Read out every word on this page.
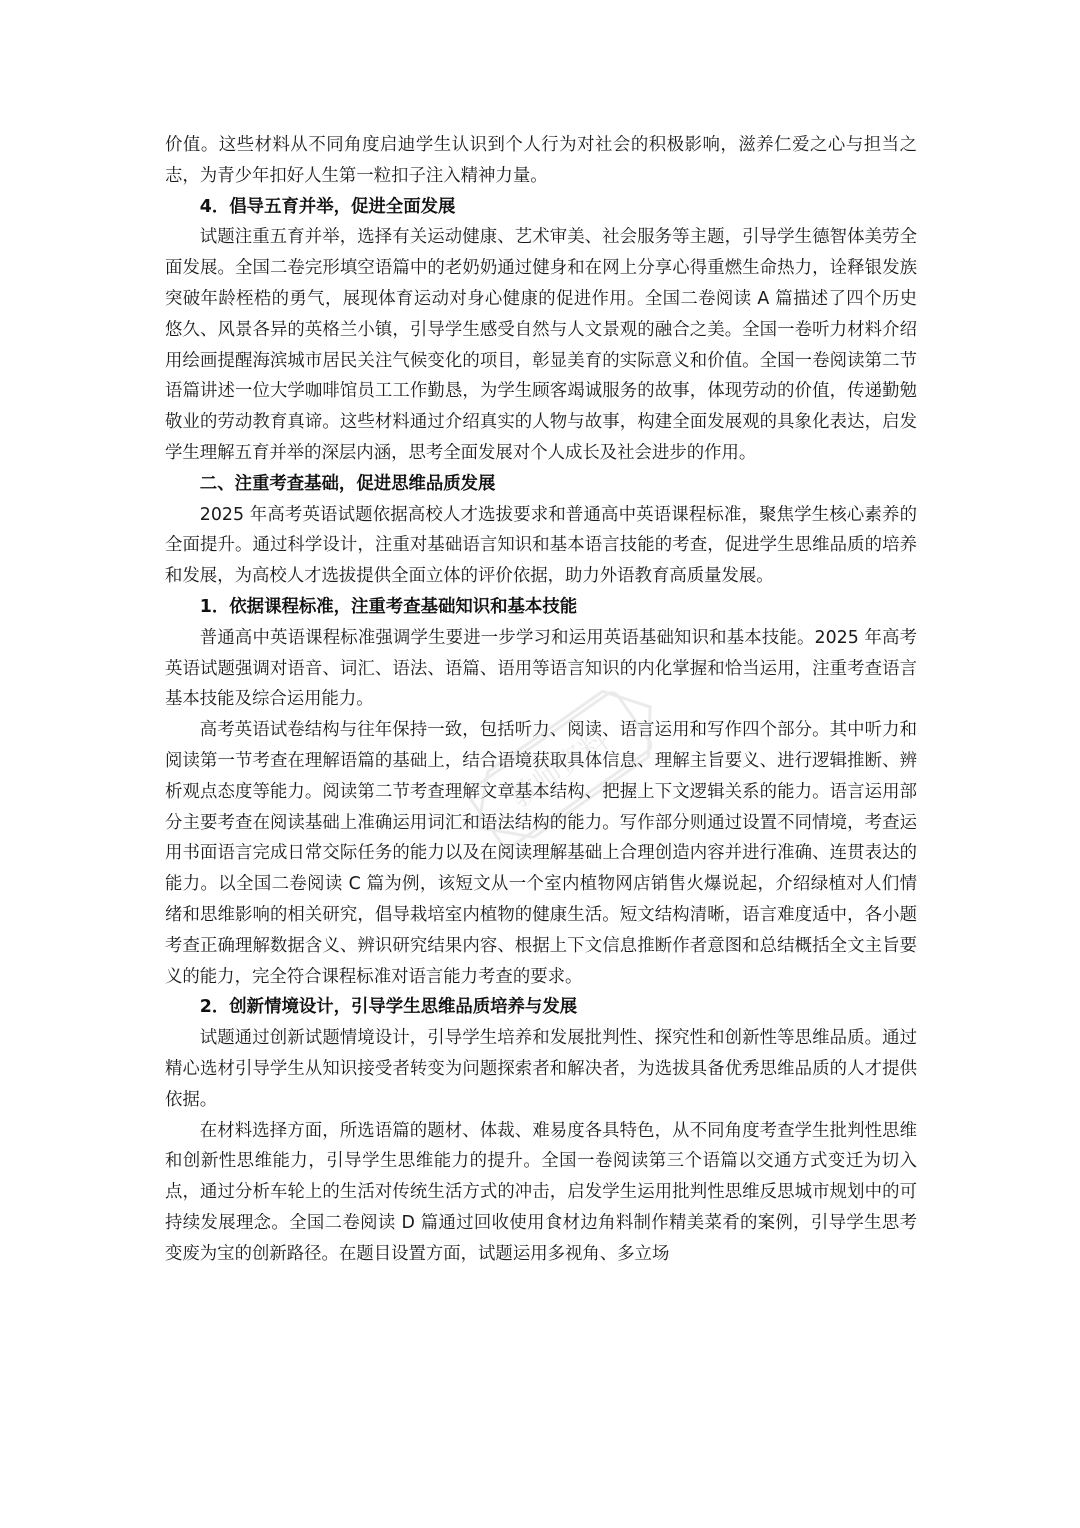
价值。这些材料从不同角度启迪学生认识到个人行为对社会的积极影响，滋养仁爱之心与担当之志，为青少年扣好人生第一粒扣子注入精神力量。

4．倡导五育并举，促进全面发展

试题注重五育并举，选择有关运动健康、艺术审美、社会服务等主题，引导学生德智体美劳全面发展。全国二卷完形填空语篇中的老奶奶通过健身和在网上分享心得重燃生命热力，诠释银发族突破年龄桎梏的勇气，展现体育运动对身心健康的促进作用。全国二卷阅读 A 篇描述了四个历史悠久、风景各异的英格兰小镇，引导学生感受自然与人文景观的融合之美。全国一卷听力材料介绍用绘画提醒海滨城市居民关注气候变化的项目，彰显美育的实际意义和价值。全国一卷阅读第二节语篇讲述一位大学咖啡馆员工工作勤恳，为学生顾客竭诚服务的故事，体现劳动的价值，传递勤勉敬业的劳动教育真谛。这些材料通过介绍真实的人物与故事，构建全面发展观的具象化表达，启发学生理解五育并举的深层内涵，思考全面发展对个人成长及社会进步的作用。

二、注重考查基础，促进思维品质发展

2025 年高考英语试题依据高校人才选拔要求和普通高中英语课程标准，聚焦学生核心素养的全面提升。通过科学设计，注重对基础语言知识和基本语言技能的考查，促进学生思维品质的培养和发展，为高校人才选拔提供全面立体的评价依据，助力外语教育高质量发展。

1．依据课程标准，注重考查基础知识和基本技能

普通高中英语课程标准强调学生要进一步学习和运用英语基础知识和基本技能。2025 年高考英语试题强调对语音、词汇、语法、语篇、语用等语言知识的内化掌握和恰当运用，注重考查语言基本技能及综合运用能力。

高考英语试卷结构与往年保持一致，包括听力、阅读、语言运用和写作四个部分。其中听力和阅读第一节考查在理解语篇的基础上，结合语境获取具体信息、理解主旨要义、进行逻辑推断、辨析观点态度等能力。阅读第二节考查理解文章基本结构、把握上下文逻辑关系的能力。语言运用部分主要考查在阅读基础上准确运用词汇和语法结构的能力。写作部分则通过设置不同情境，考查运用书面语言完成日常交际任务的能力以及在阅读理解基础上合理创造内容并进行准确、连贯表达的能力。以全国二卷阅读 C 篇为例，该短文从一个室内植物网店销售火爆说起，介绍绿植对人们情绪和思维影响的相关研究，倡导栽培室内植物的健康生活。短文结构清晰，语言难度适中，各小题考查正确理解数据含义、辨识研究结果内容、根据上下文信息推断作者意图和总结概括全文主旨要义的能力，完全符合课程标准对语言能力考查的要求。

2．创新情境设计，引导学生思维品质培养与发展

试题通过创新试题情境设计，引导学生培养和发展批判性、探究性和创新性等思维品质。通过精心选材引导学生从知识接受者转变为问题探索者和解决者，为选拔具备优秀思维品质的人才提供依据。

在材料选择方面，所选语篇的题材、体裁、难易度各具特色，从不同角度考查学生批判性思维和创新性思维能力，引导学生思维能力的提升。全国一卷阅读第三个语篇以交通方式变迁为切入点，通过分析车轮上的生活对传统生活方式的冲击，启发学生运用批判性思维反思城市规划中的可持续发展理念。全国二卷阅读 D 篇通过回收使用食材边角料制作精美菜肴的案例，引导学生思考变废为宝的创新路径。在题目设置方面，试题运用多视角、多立场

教师资料
